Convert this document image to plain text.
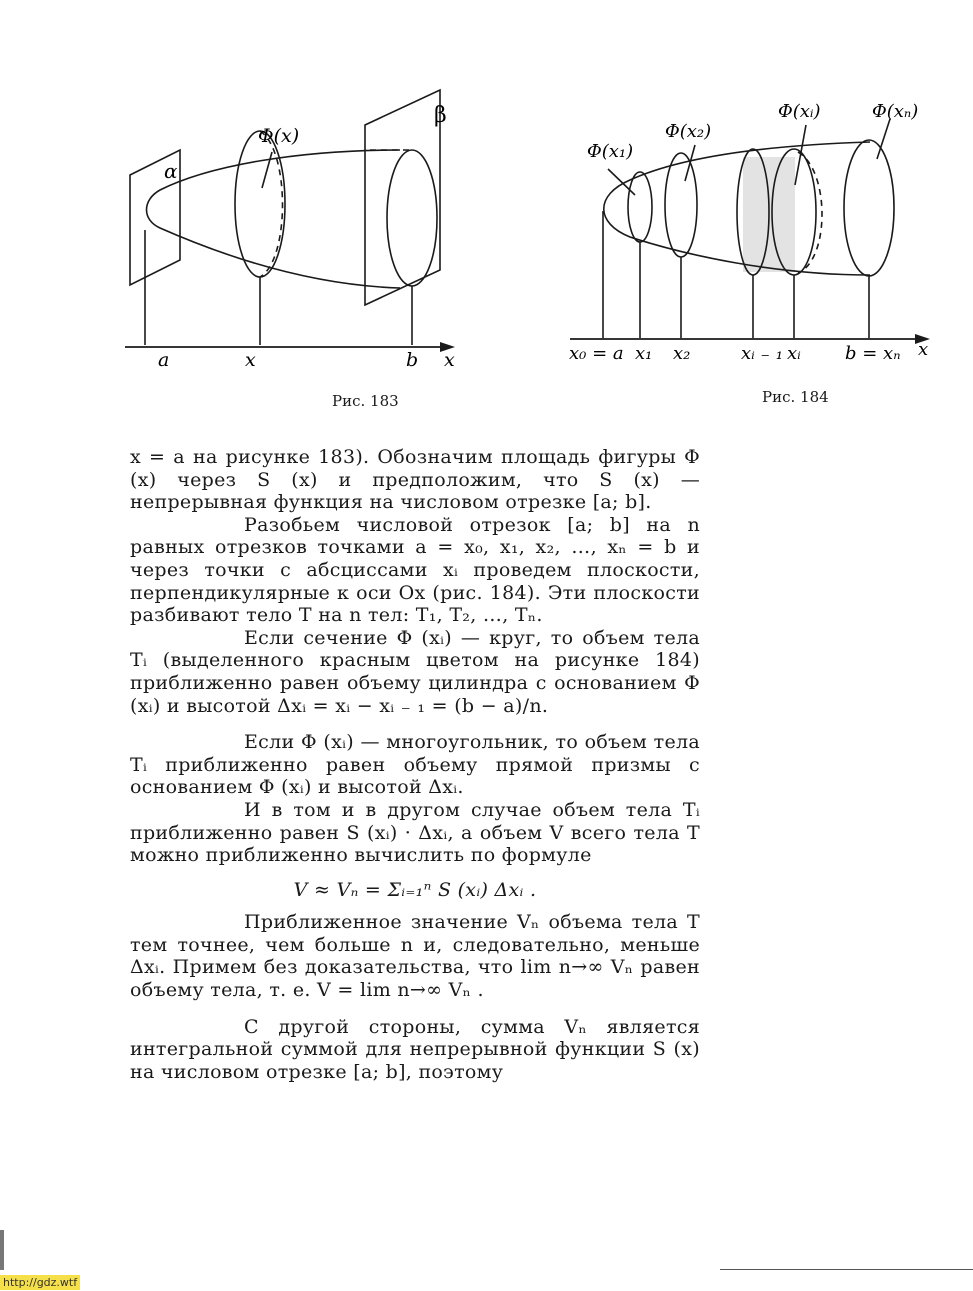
α
β
Φ(x)
a	x	b x
Рис. 183
Φ(x₁)
Φ(x₂)
Φ(xᵢ)	Φ(xₙ)
x₀ = a x₁ x₂	xᵢ ₋ ₁ xᵢ b = xₙ x
Рис. 184

x = a на рисунке 183). Обозначим площадь фигуры Φ (x) через S (x) и предположим, что S (x) — непрерывная функция на числовом отрезке [a; b].

Разобьем числовой отрезок [a; b] на n равных отрезков точками a = x₀, x₁, x₂, …, xₙ = b и через точки с абсциссами xᵢ проведем плоскости, перпендикулярные к оси Ox (рис. 184). Эти плоскости разбивают тело T на n тел: T₁, T₂, …, Tₙ.

Если сечение Φ (xᵢ) — круг, то объем тела Tᵢ (выделенного красным цветом на рисунке 184) приближенно равен объему цилиндра с основанием Φ (xᵢ) и высотой Δxᵢ = xᵢ − xᵢ ₋ ₁ = (b − a)/n.

Если Φ (xᵢ) — многоугольник, то объем тела Tᵢ приближенно равен объему прямой призмы с основанием Φ (xᵢ) и высотой Δxᵢ.

И в том и в другом случае объем тела Tᵢ приближенно равен S (xᵢ) · Δxᵢ, а объем V всего тела T можно приближенно вычислить по формуле

V ≈ Vₙ = Σᵢ₌₁ⁿ S (xᵢ) Δxᵢ .

Приближенное значение Vₙ объема тела T тем точнее, чем больше n и, следовательно, меньше Δxᵢ. Примем без доказательства, что lim n→∞ Vₙ равен объему тела, т. е. V = lim n→∞ Vₙ .

С другой стороны, сумма Vₙ является интегральной суммой для непрерывной функции S (x) на числовом отрезке [a; b], поэтому

http://gdz.wtf
